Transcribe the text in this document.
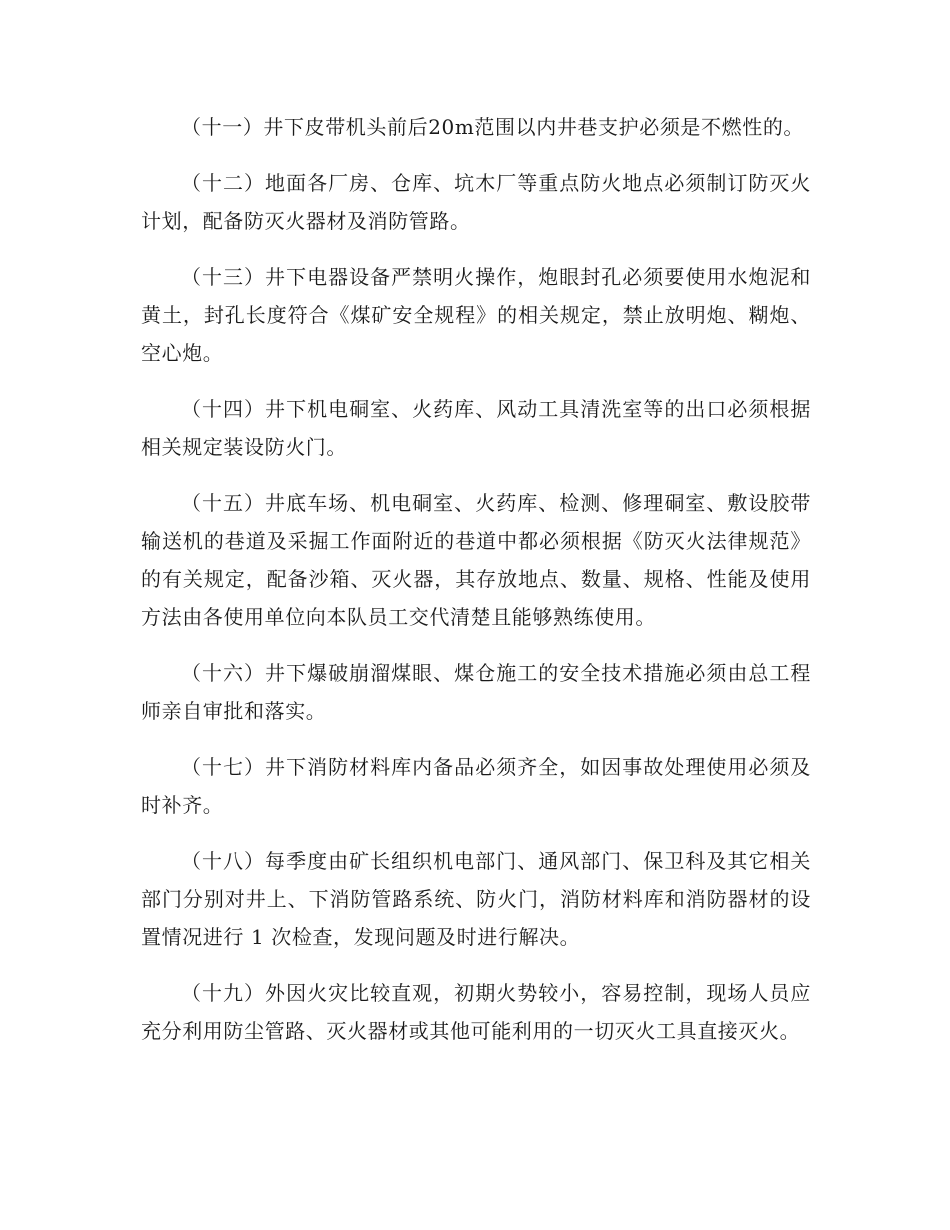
（十一）井下皮带机头前后20m范围以内井巷支护必须是不燃性的。

（十二）地面各厂房、仓库、坑木厂等重点防火地点必须制订防灭火计划，配备防灭火器材及消防管路。

（十三）井下电器设备严禁明火操作，炮眼封孔必须要使用水炮泥和黄土，封孔长度符合《煤矿安全规程》的相关规定，禁止放明炮、糊炮、空心炮。

（十四）井下机电硐室、火药库、风动工具清洗室等的出口必须根据相关规定装设防火门。

（十五）井底车场、机电硐室、火药库、检测、修理硐室、敷设胶带输送机的巷道及采掘工作面附近的巷道中都必须根据《防灭火法律规范》的有关规定，配备沙箱、灭火器，其存放地点、数量、规格、性能及使用方法由各使用单位向本队员工交代清楚且能够熟练使用。

（十六）井下爆破崩溜煤眼、煤仓施工的安全技术措施必须由总工程师亲自审批和落实。

（十七）井下消防材料库内备品必须齐全，如因事故处理使用必须及时补齐。

（十八）每季度由矿长组织机电部门、通风部门、保卫科及其它相关部门分别对井上、下消防管路系统、防火门，消防材料库和消防器材的设置情况进行 1 次检查，发现问题及时进行解决。

（十九）外因火灾比较直观，初期火势较小，容易控制，现场人员应充分利用防尘管路、灭火器材或其他可能利用的一切灭火工具直接灭火。
